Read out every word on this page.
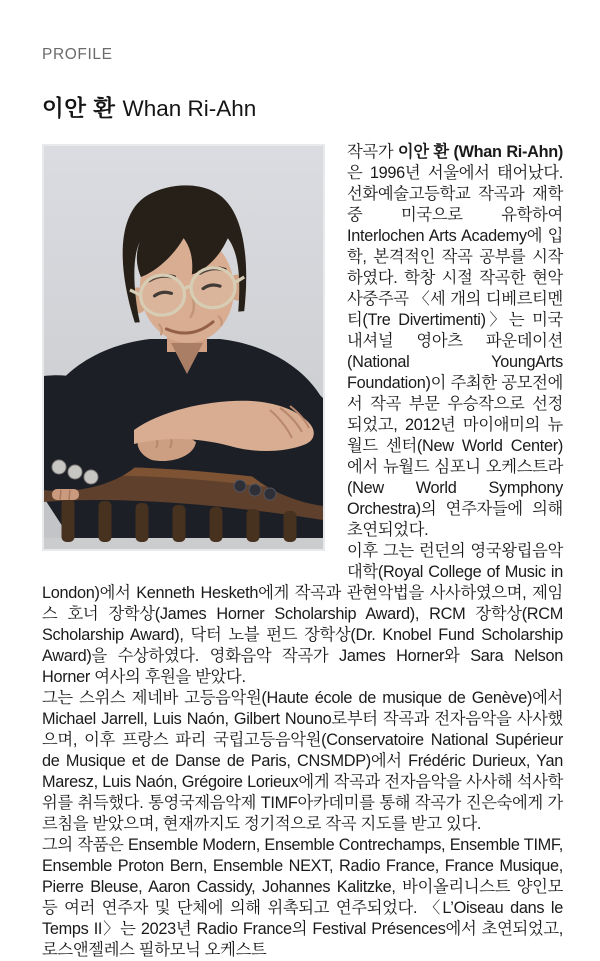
PROFILE
이안 환 Whan Ri-Ahn

작곡가 이안 환 (Whan Ri-Ahn)은 1996년 서울에서 태어났다. 선화예술고등학교 작곡과 재학 중 미국으로 유학하여 Interlochen Arts Academy에 입학, 본격적인 작곡 공부를 시작하였다. 학창 시절 작곡한 현악 사중주곡 〈세 개의 디베르티멘티(Tre Divertimenti)〉는 미국 내셔널 영아츠 파운데이션(National YoungArts Foundation)이 주최한 공모전에서 작곡 부문 우승작으로 선정되었고, 2012년 마이애미의 뉴 월드 센터(New World Center)에서 뉴월드 심포니 오케스트라(New World Symphony Orchestra)의 연주자들에 의해 초연되었다.

이후 그는 런던의 영국왕립음악대학(Royal College of Music in London)에서 Kenneth Hesketh에게 작곡과 관현악법을 사사하였으며, 제임스 호너 장학상(James Horner Scholarship Award), RCM 장학상(RCM Scholarship Award), 닥터 노블 펀드 장학상(Dr. Knobel Fund Scholarship Award)을 수상하였다. 영화음악 작곡가 James Horner와 Sara Nelson Horner 여사의 후원을 받았다.

그는 스위스 제네바 고등음악원(Haute école de musique de Genève)에서 Michael Jarrell, Luis Naón, Gilbert Nouno로부터 작곡과 전자음악을 사사했으며, 이후 프랑스 파리 국립고등음악원(Conservatoire National Supérieur de Musique et de Danse de Paris, CNSMDP)에서 Frédéric Durieux, Yan Maresz, Luis Naón, Grégoire Lorieux에게 작곡과 전자음악을 사사해 석사학위를 취득했다. 통영국제음악제 TIMF아카데미를 통해 작곡가 진은숙에게 가르침을 받았으며, 현재까지도 정기적으로 작곡 지도를 받고 있다.

그의 작품은 Ensemble Modern, Ensemble Contrechamps, Ensemble TIMF, Ensemble Proton Bern, Ensemble NEXT, Radio France, France Musique, Pierre Bleuse, Aaron Cassidy, Johannes Kalitzke, 바이올리니스트 양인모 등 여러 연주자 및 단체에 의해 위촉되고 연주되었다. 〈L’Oiseau dans le Temps II〉는 2023년 Radio France의 Festival Présences에서 초연되었고, 로스앤젤레스 필하모닉 오케스트
